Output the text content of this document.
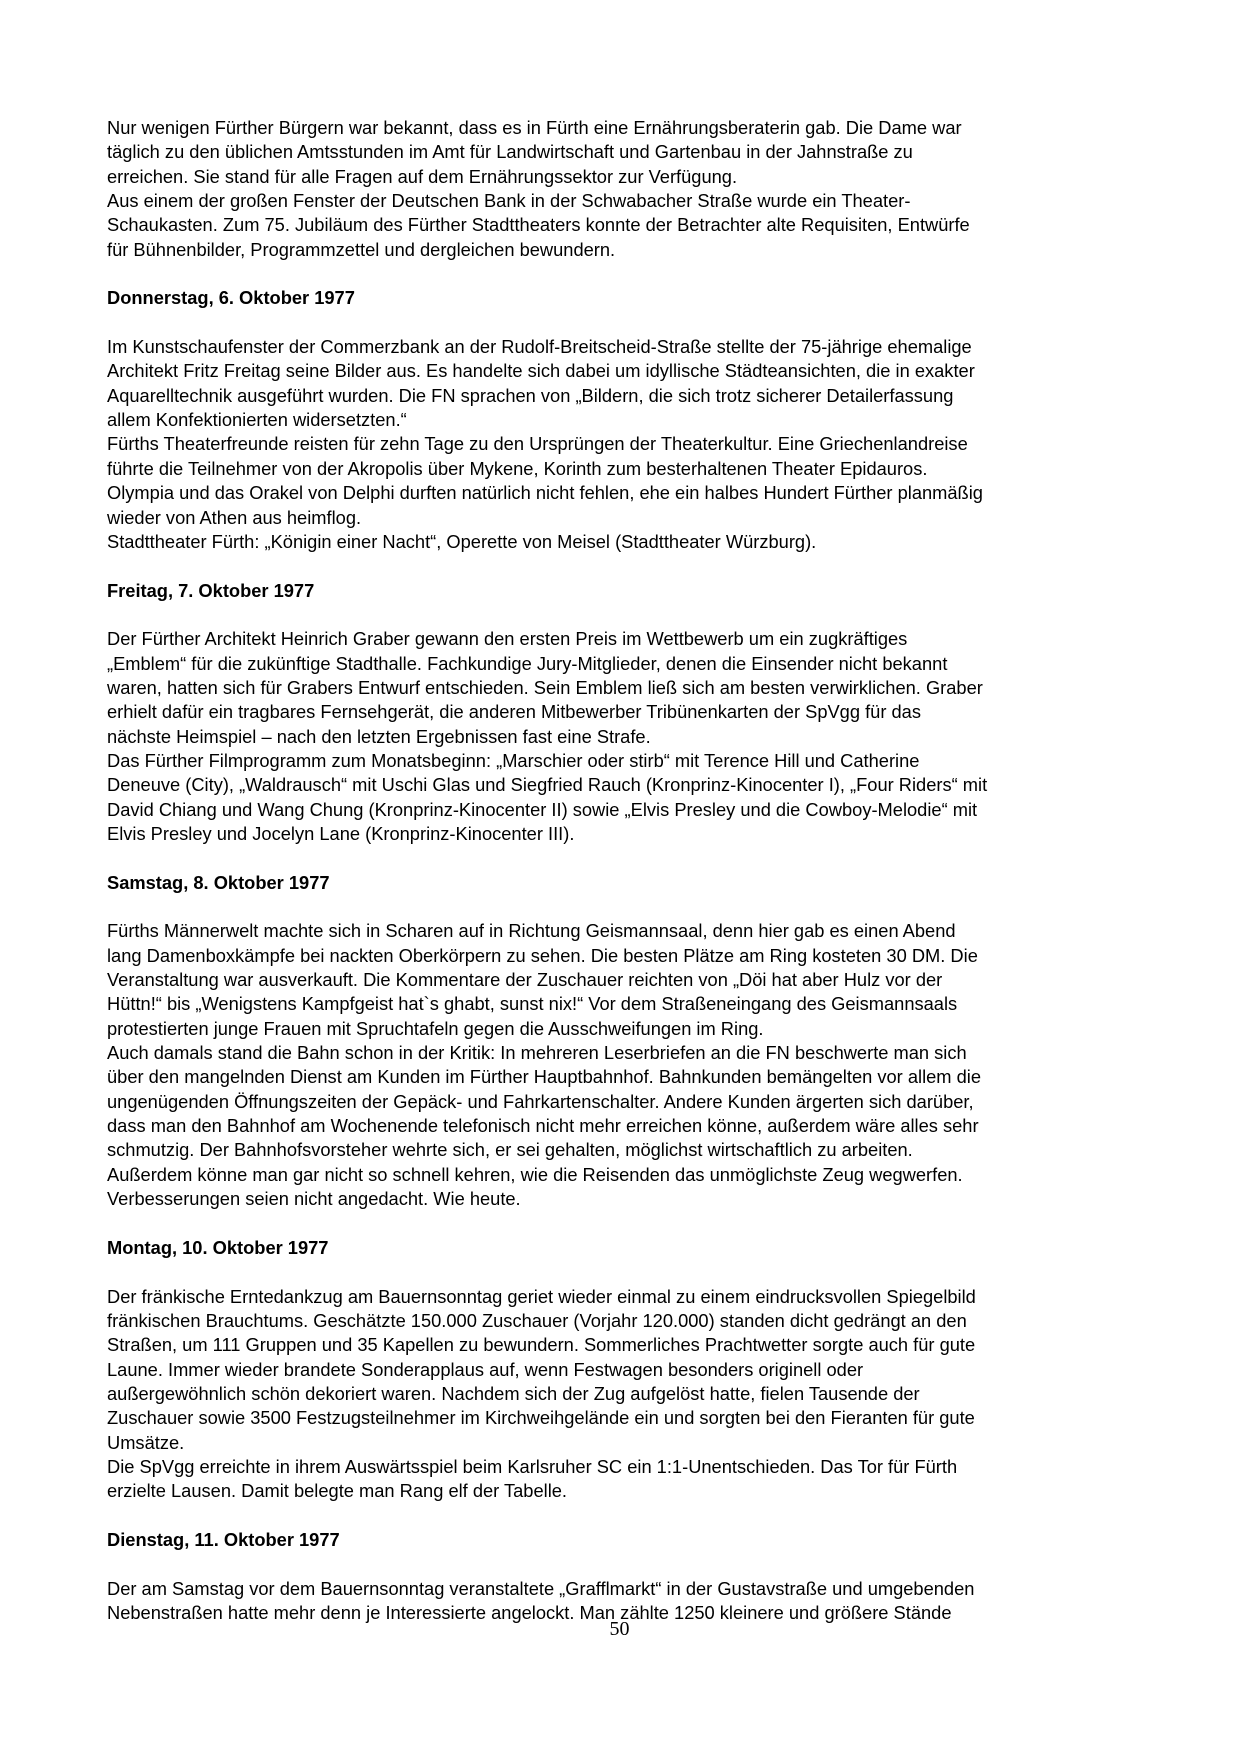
Nur wenigen Fürther Bürgern war bekannt, dass es in Fürth eine Ernährungsberaterin gab. Die Dame war
täglich zu den üblichen Amtsstunden im Amt für Landwirtschaft und Gartenbau in der Jahnstraße zu
erreichen. Sie stand für alle Fragen auf dem Ernährungssektor zur Verfügung.
Aus einem der großen Fenster der Deutschen Bank in der Schwabacher Straße wurde ein Theater-
Schaukasten. Zum 75. Jubiläum des Fürther Stadttheaters konnte der Betrachter alte Requisiten, Entwürfe
für Bühnenbilder, Programmzettel und dergleichen bewundern.
Donnerstag, 6. Oktober 1977
Im Kunstschaufenster der Commerzbank an der Rudolf-Breitscheid-Straße stellte der 75-jährige ehemalige
Architekt Fritz Freitag seine Bilder aus. Es handelte sich dabei um idyllische Städteansichten, die in exakter
Aquarelltechnik ausgeführt wurden. Die FN sprachen von „Bildern, die sich trotz sicherer Detailerfassung
allem Konfektionierten widersetzten.“
Fürths Theaterfreunde reisten für zehn Tage zu den Ursprüngen der Theaterkultur. Eine Griechenlandreise
führte die Teilnehmer von der Akropolis über Mykene, Korinth zum besterhaltenen Theater Epidauros.
Olympia und das Orakel von Delphi durften natürlich nicht fehlen, ehe ein halbes Hundert Fürther planmäßig
wieder von Athen aus heimflog.
Stadttheater Fürth: „Königin einer Nacht“, Operette von Meisel (Stadttheater Würzburg).
Freitag, 7. Oktober 1977
Der Fürther Architekt Heinrich Graber gewann den ersten Preis im Wettbewerb um ein zugkräftiges
„Emblem“ für die zukünftige Stadthalle. Fachkundige Jury-Mitglieder, denen die Einsender nicht bekannt
waren, hatten sich für Grabers Entwurf entschieden. Sein Emblem ließ sich am besten verwirklichen. Graber
erhielt dafür ein tragbares Fernsehgerät, die anderen Mitbewerber Tribünenkarten der SpVgg für das
nächste Heimspiel – nach den letzten Ergebnissen fast eine Strafe.
Das Fürther Filmprogramm zum Monatsbeginn: „Marschier oder stirb“ mit Terence Hill und Catherine
Deneuve (City), „Waldrausch“ mit Uschi Glas und Siegfried Rauch (Kronprinz-Kinocenter I), „Four Riders“ mit
David Chiang und Wang Chung (Kronprinz-Kinocenter II) sowie „Elvis Presley und die Cowboy-Melodie“ mit
Elvis Presley und Jocelyn Lane (Kronprinz-Kinocenter III).
Samstag, 8. Oktober 1977
Fürths Männerwelt machte sich in Scharen auf in Richtung Geismannsaal, denn hier gab es einen Abend
lang Damenboxkämpfe bei nackten Oberkörpern zu sehen. Die besten Plätze am Ring kosteten 30 DM. Die
Veranstaltung war ausverkauft. Die Kommentare der Zuschauer reichten von „Döi hat aber Hulz vor der
Hüttn!“ bis „Wenigstens Kampfgeist hat`s ghabt, sunst nix!“ Vor dem Straßeneingang des Geismannsaals
protestierten junge Frauen mit Spruchtafeln gegen die Ausschweifungen im Ring.
Auch damals stand die Bahn schon in der Kritik: In mehreren Leserbriefen an die FN beschwerte man sich
über den mangelnden Dienst am Kunden im Fürther Hauptbahnhof. Bahnkunden bemängelten vor allem die
ungenügenden Öffnungszeiten der Gepäck- und Fahrkartenschalter. Andere Kunden ärgerten sich darüber,
dass man den Bahnhof am Wochenende telefonisch nicht mehr erreichen könne, außerdem wäre alles sehr
schmutzig. Der Bahnhofsvorsteher wehrte sich, er sei gehalten, möglichst wirtschaftlich zu arbeiten.
Außerdem könne man gar nicht so schnell kehren, wie die Reisenden das unmöglichste Zeug wegwerfen.
Verbesserungen seien nicht angedacht. Wie heute.
Montag, 10. Oktober 1977
Der fränkische Erntedankzug am Bauernsonntag geriet wieder einmal zu einem eindrucksvollen Spiegelbild
fränkischen Brauchtums. Geschätzte 150.000 Zuschauer (Vorjahr 120.000) standen dicht gedrängt an den
Straßen, um 111 Gruppen und 35 Kapellen zu bewundern. Sommerliches Prachtwetter sorgte auch für gute
Laune. Immer wieder brandete Sonderapplaus auf, wenn Festwagen besonders originell oder
außergewöhnlich schön dekoriert waren. Nachdem sich der Zug aufgelöst hatte, fielen Tausende der
Zuschauer sowie 3500 Festzugsteilnehmer im Kirchweihgelände ein und sorgten bei den Fieranten für gute
Umsätze.
Die SpVgg erreichte in ihrem Auswärtsspiel beim Karlsruher SC ein 1:1-Unentschieden. Das Tor für Fürth
erzielte Lausen. Damit belegte man Rang elf der Tabelle.
Dienstag, 11. Oktober 1977
Der am Samstag vor dem Bauernsonntag veranstaltete „Grafflmarkt“ in der Gustavstraße und umgebenden
Nebenstraßen hatte mehr denn je Interessierte angelockt. Man zählte 1250 kleinere und größere Stände
50
